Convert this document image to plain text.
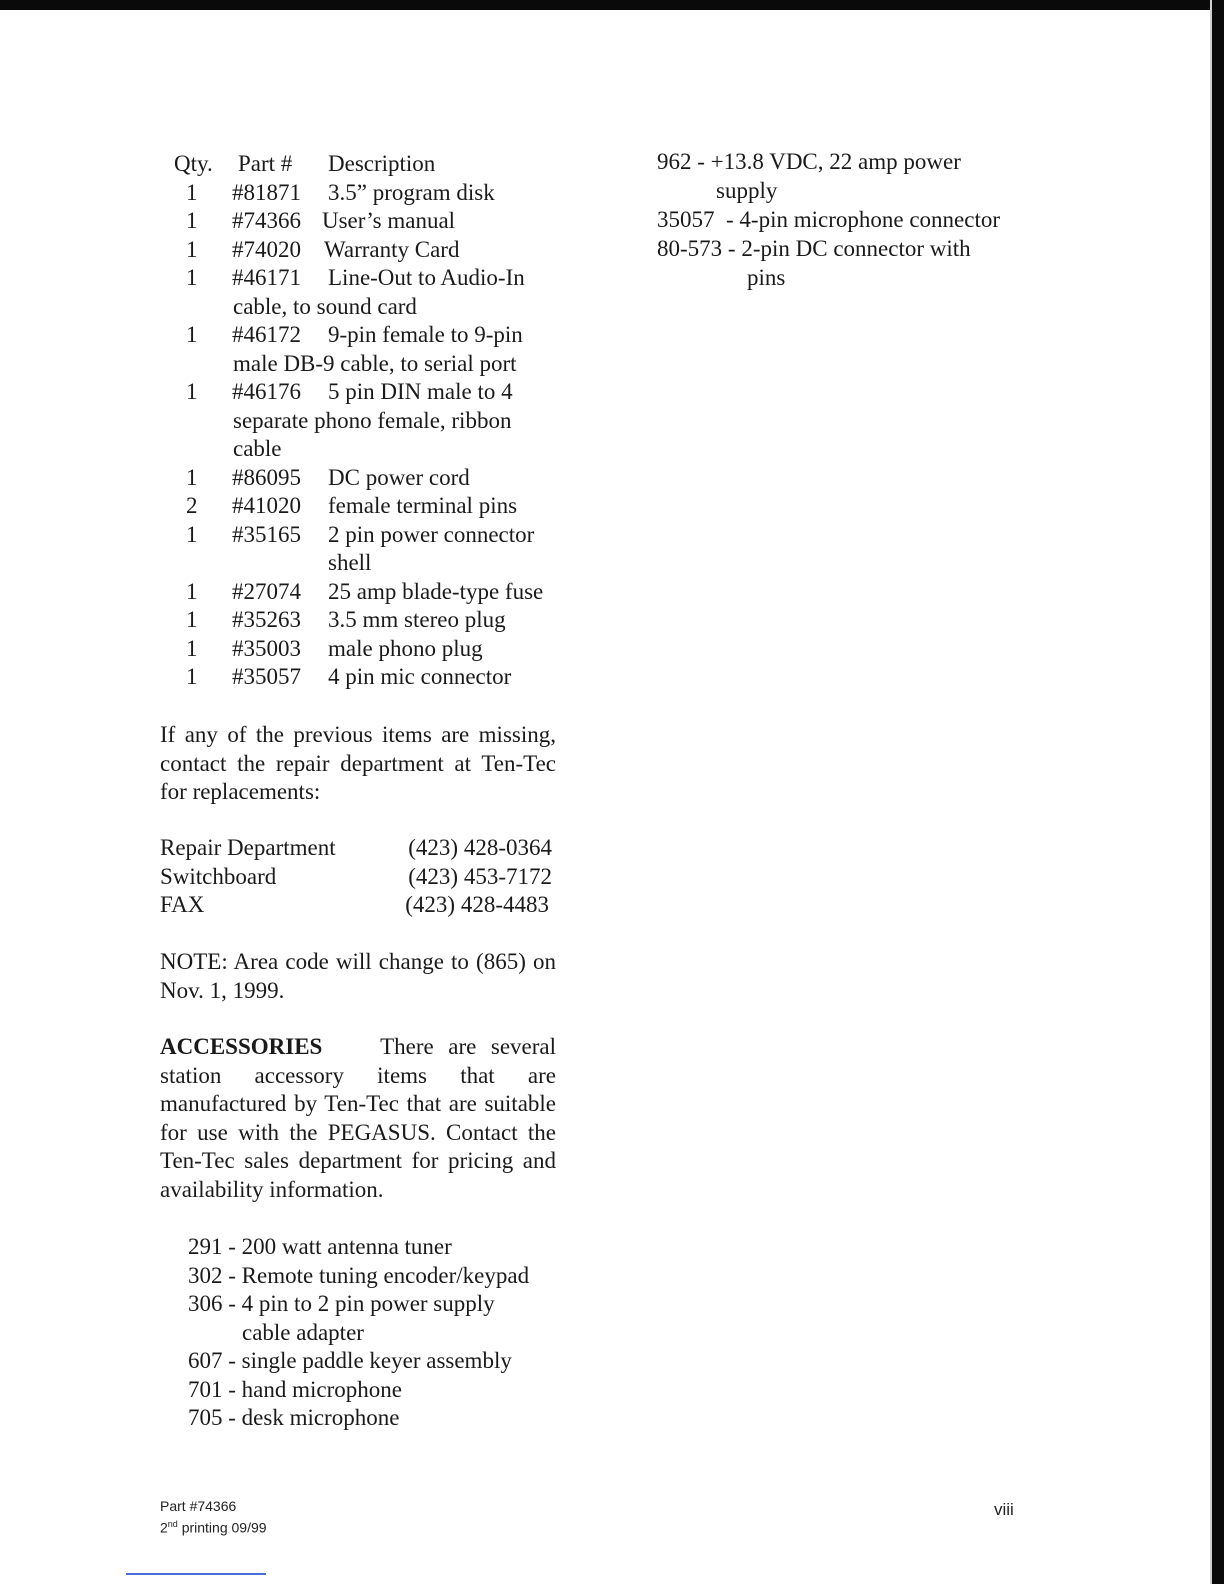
Qty. Part # Description
1 #81871 3.5” program disk
1 #74366 User’s manual
1 #74020 Warranty Card
1 #46171 Line-Out to Audio-In
cable, to sound card
1 #46172 9-pin female to 9-pin
male DB-9 cable, to serial port
1 #46176 5 pin DIN male to 4
separate phono female, ribbon
cable
1 #86095 DC power cord
2 #41020 female terminal pins
1 #35165 2 pin power connector
shell
1 #27074 25 amp blade-type fuse
1 #35263 3.5 mm stereo plug
1 #35003 male phono plug
1 #35057 4 pin mic connector
If any of the previous items are missing, contact the repair department at Ten-Tec for replacements:
Repair Department	(423) 428-0364
Switchboard	(423) 453-7172
FAX	(423) 428-4483
NOTE: Area code will change to (865) on Nov. 1, 1999.
ACCESSORIES	There are several station accessory items that are manufactured by Ten-Tec that are suitable for use with the PEGASUS. Contact the Ten-Tec sales department for pricing and availability information.
291 - 200 watt antenna tuner
302 - Remote tuning encoder/keypad
306 - 4 pin to 2 pin power supply
cable adapter
607 - single paddle keyer assembly
701 - hand microphone
705 - desk microphone
962 - +13.8 VDC, 22 amp power
supply
35057  - 4-pin microphone connector
80-573 - 2-pin DC connector with
pins
Part #74366
2nd printing 09/99
viii
